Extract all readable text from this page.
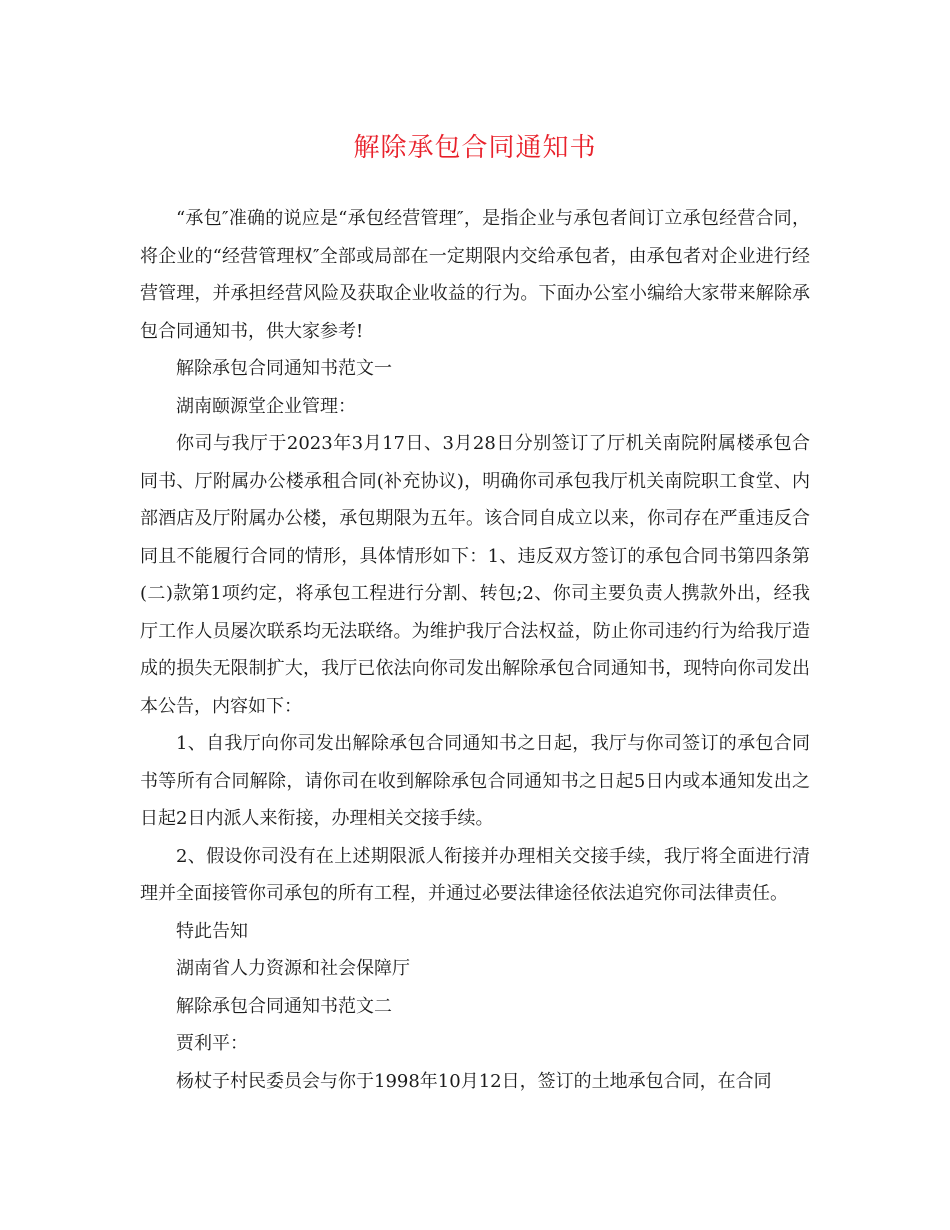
解除承包合同通知书

“承包″准确的说应是“承包经营管理″，是指企业与承包者间订立承包经营合同，将企业的“经营管理权″全部或局部在一定期限内交给承包者，由承包者对企业进行经营管理，并承担经营风险及获取企业收益的行为。下面办公室小编给大家带来解除承包合同通知书，供大家参考!

解除承包合同通知书范文一

湖南颐源堂企业管理：

你司与我厅于2023年3月17日、3月28日分别签订了厅机关南院附属楼承包合同书、厅附属办公楼承租合同(补充协议)，明确你司承包我厅机关南院职工食堂、内部酒店及厅附属办公楼，承包期限为五年。该合同自成立以来，你司存在严重违反合同且不能履行合同的情形，具体情形如下：1、违反双方签订的承包合同书第四条第(二)款第1项约定，将承包工程进行分割、转包;2、你司主要负责人携款外出，经我厅工作人员屡次联系均无法联络。为维护我厅合法权益，防止你司违约行为给我厅造成的损失无限制扩大，我厅已依法向你司发出解除承包合同通知书，现特向你司发出本公告，内容如下：

1、自我厅向你司发出解除承包合同通知书之日起，我厅与你司签订的承包合同书等所有合同解除，请你司在收到解除承包合同通知书之日起5日内或本通知发出之日起2日内派人来衔接，办理相关交接手续。

2、假设你司没有在上述期限派人衔接并办理相关交接手续，我厅将全面进行清理并全面接管你司承包的所有工程，并通过必要法律途径依法追究你司法律责任。

特此告知

湖南省人力资源和社会保障厅

解除承包合同通知书范文二

贾利平：

杨杖子村民委员会与你于1998年10月12日，签订的土地承包合同，在合同
